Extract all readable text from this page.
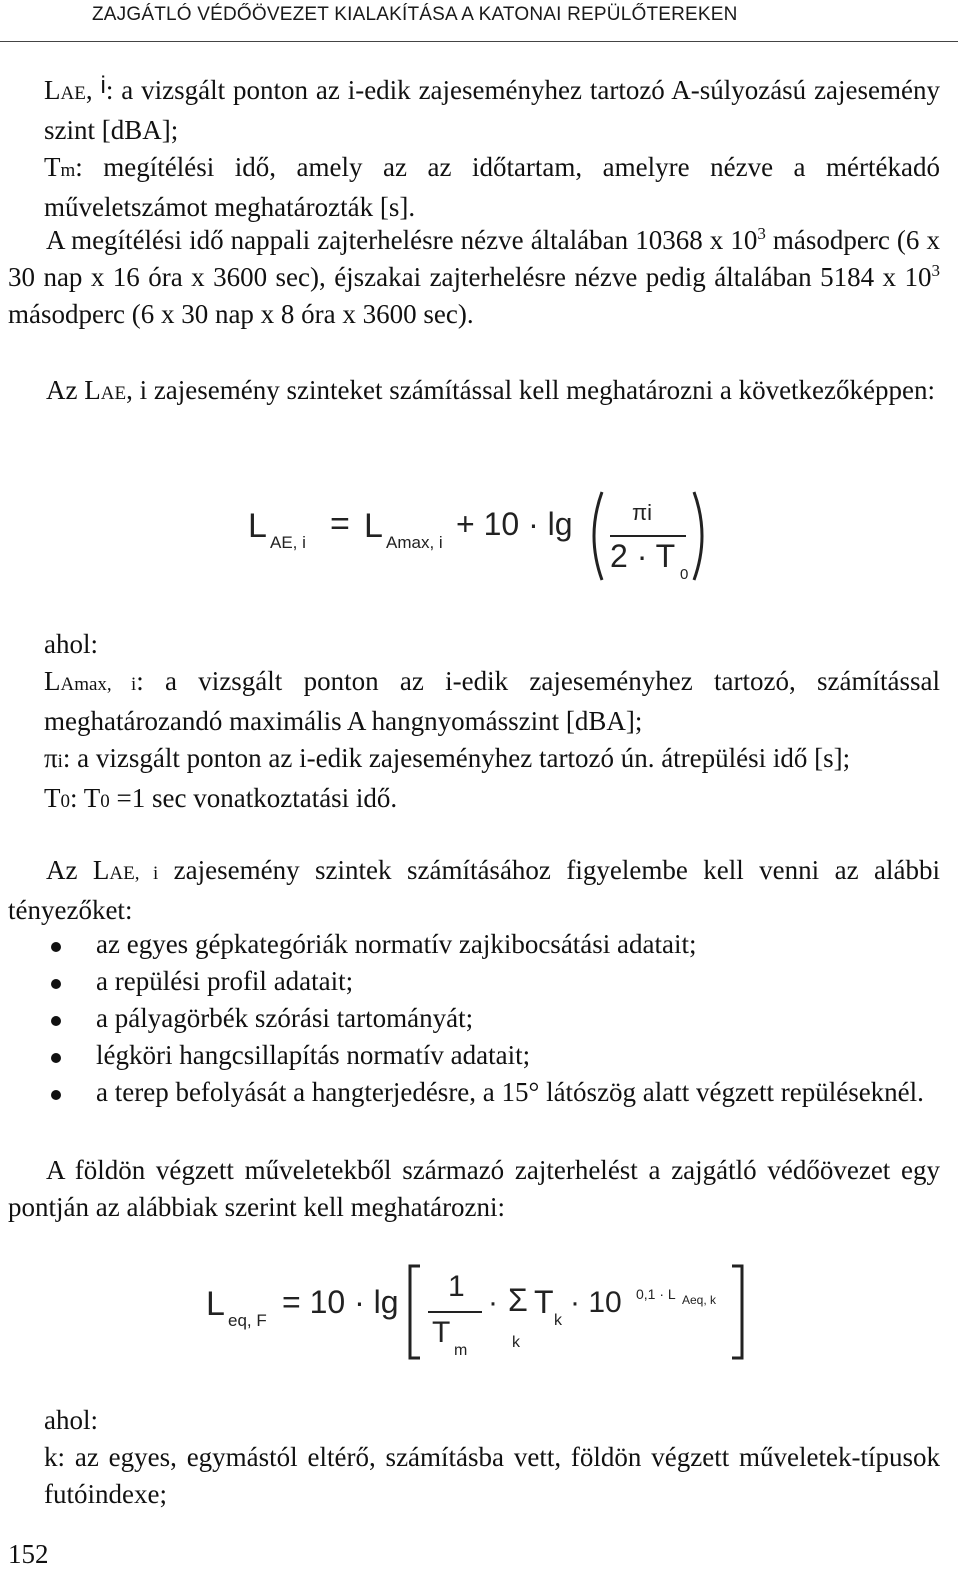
ZAJGÁTLÓ VÉDŐÖVEZET KIALAKÍTÁSA A KATONAI REPÜLŐTEREKEN

LAE, i: a vizsgált ponton az i-edik zajeseményhez tartozó A-súlyozású zajesemény szint [dBA];

Tm: megítélési idő, amely az az időtartam, amelyre nézve a mértékadó műveletszámot meghatározták [s].

A megítélési idő nappali zajterhelésre nézve általában 10368 x $10^3$ másodperc (6 x 30 nap x 16 óra x 3600 sec), éjszakai zajterhelésre nézve pedig általában 5184 x $10^3$ másodperc (6 x 30 nap x 8 óra x 3600 sec).

Az LAE, i zajesemény szinteket számítással kell meghatározni a következőképpen:

L AE, i = L Amax, i
+ 10 · lg	πi
2 · T
0

ahol:

LAmax, i: a vizsgált ponton az i-edik zajeseményhez tartozó, számítással meghatározandó maximális A hangnyomásszint [dBA];

πi: a vizsgált ponton az i-edik zajeseményhez tartozó ún. átrepülési idő [s];

T0: T0 =1 sec vonatkoztatási idő.

Az LAE, i zajesemény szintek számításához figyelembe kell venni az alábbi tényezőket:

az egyes gépkategóriák normatív zajkibocsátási adatait;
a repülési profil adatait;
a pályagörbék szórási tartományát;
légköri hangcsillapítás normatív adatait;
a terep befolyását a hangterjedésre, a 15° látószög alatt végzett repüléseknél.

A földön végzett műveletekből származó zajterhelést a zajgátló védőövezet egy pontján az alábbiak szerint kell meghatározni:

L eq, F
= 10 · lg 1
T
m
· Σ
k
T
k
· 10 0,1 · L Aeq, k

ahol:

k: az egyes, egymástól eltérő, számításba vett, földön végzett műveletek-típusok futóindexe;

152
